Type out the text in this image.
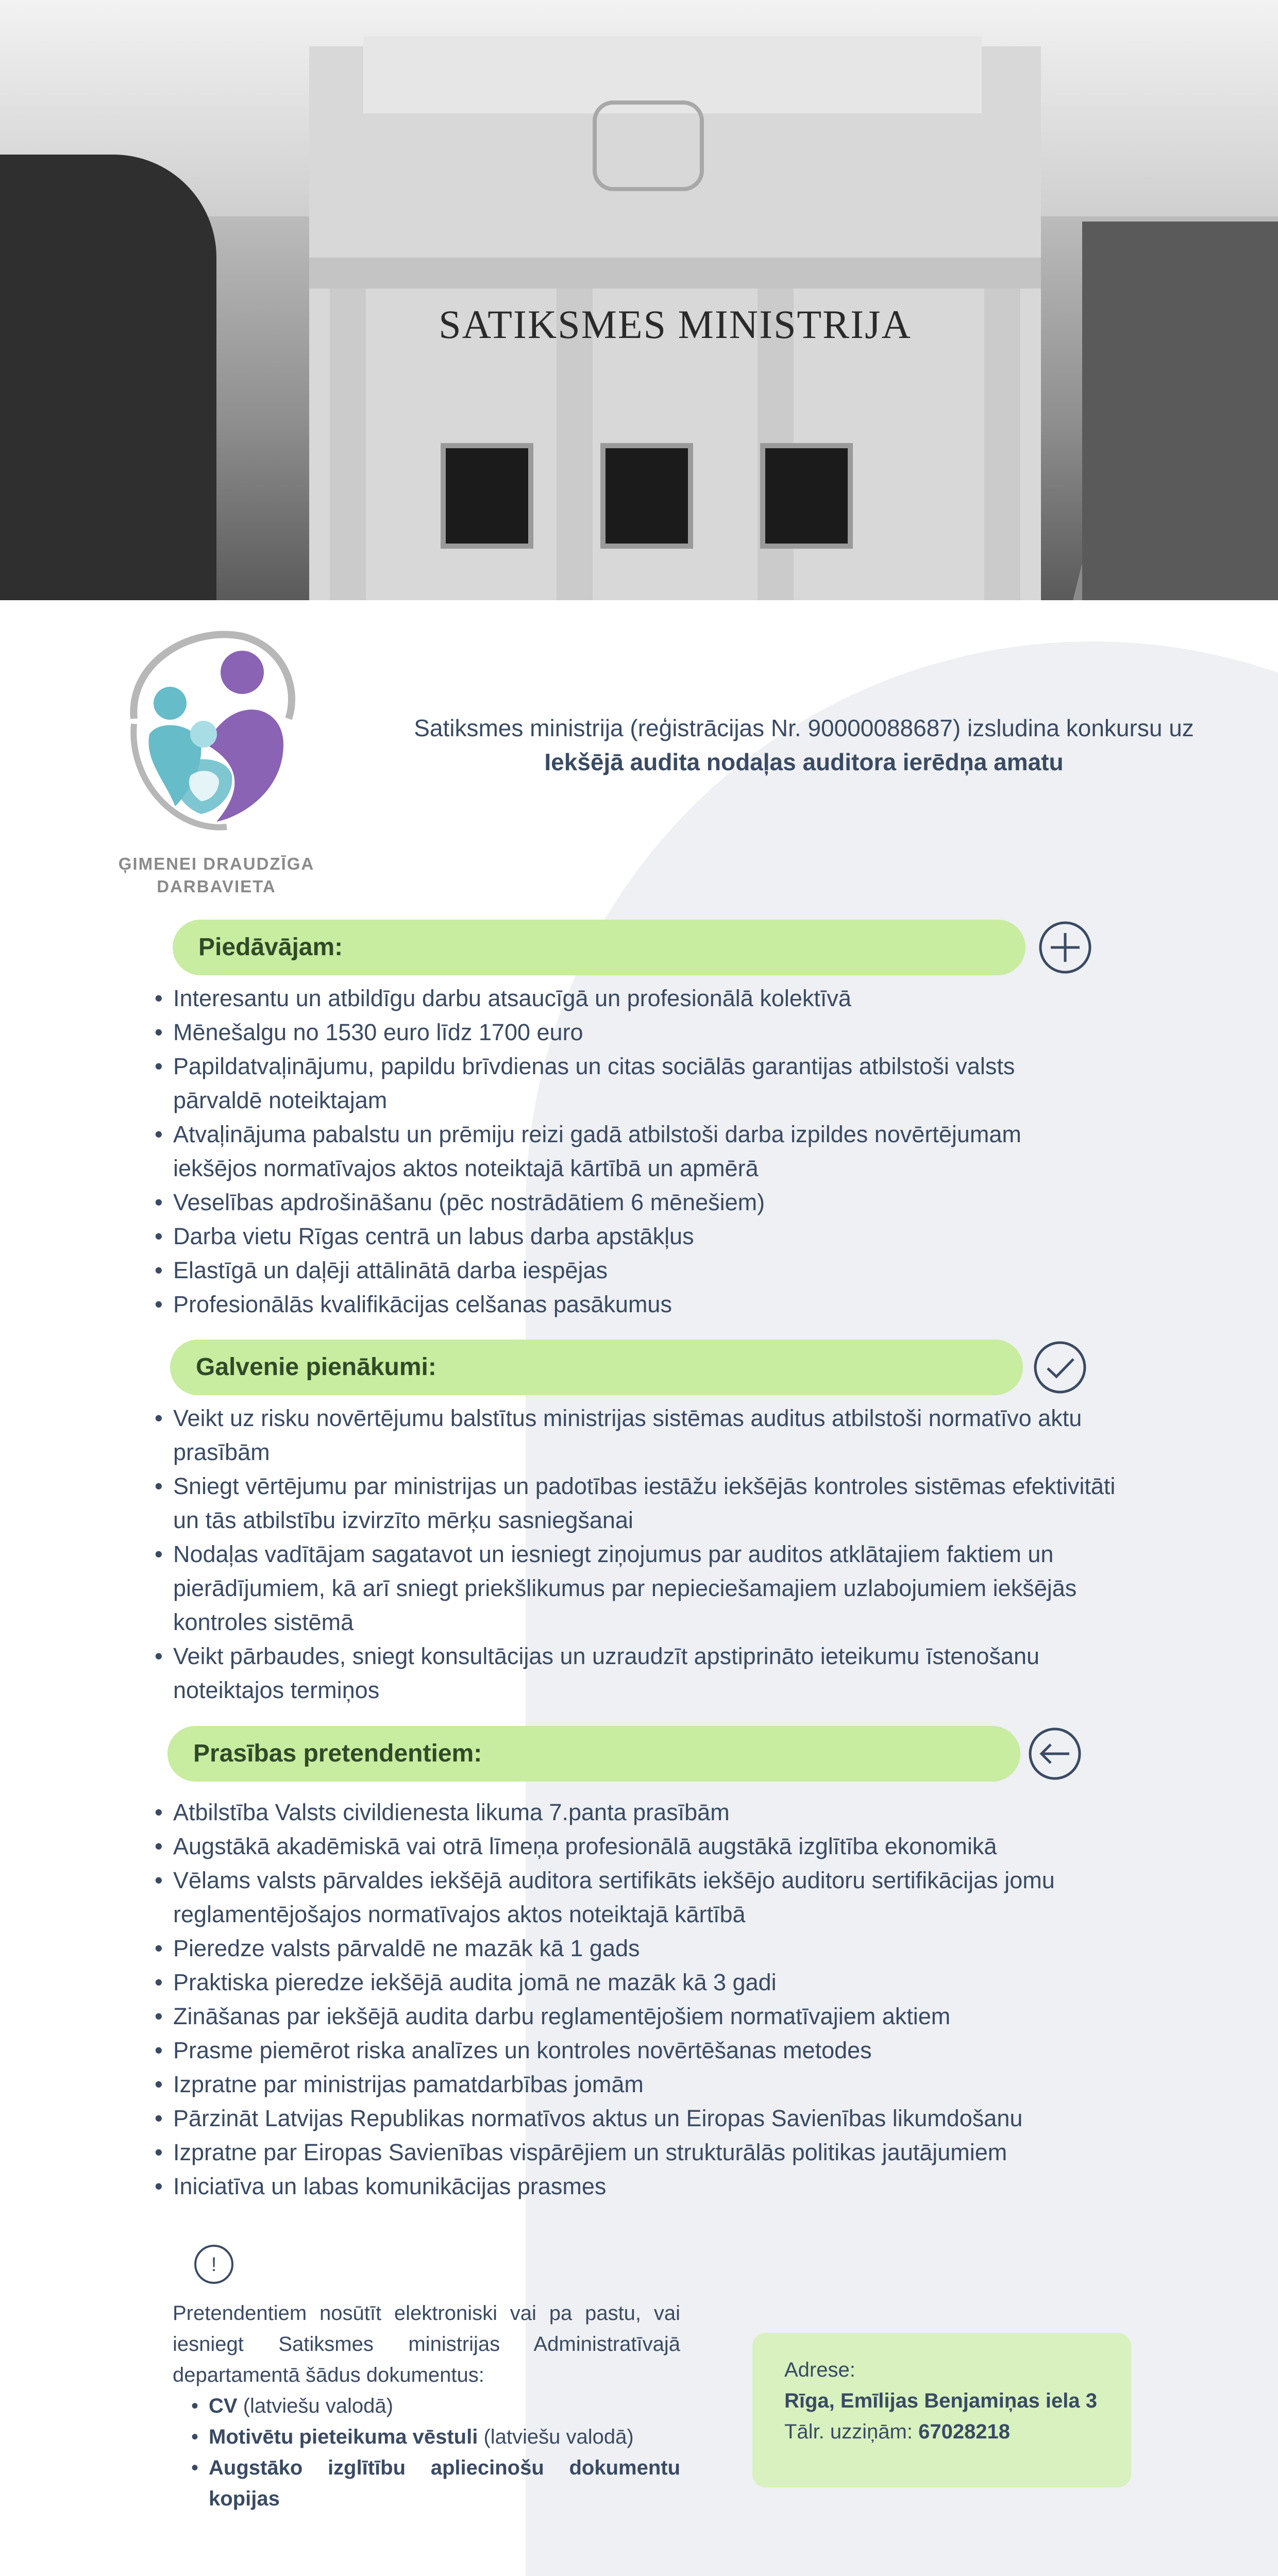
SATIKSMES MINISTRIJA
ĢIMENEI DRAUDZĪGA
DARBAVIETA
Satiksmes ministrija (reģistrācijas Nr. 90000088687) izsludina konkursu uz
Iekšējā audita nodaļas auditora ierēdņa amatu
Piedāvājam:
• Interesantu un atbildīgu darbu atsaucīgā un profesionālā kolektīvā
• Mēnešalgu no 1530 euro līdz 1700 euro
• Papildatvaļinājumu, papildu brīvdienas un citas sociālās garantijas atbilstoši valsts pārvaldē noteiktajam
• Atvaļinājuma pabalstu un prēmiju reizi gadā atbilstoši darba izpildes novērtējumam iekšējos normatīvajos aktos noteiktajā kārtībā un apmērā
• Veselības apdrošināšanu (pēc nostrādātiem 6 mēnešiem)
• Darba vietu Rīgas centrā un labus darba apstākļus
• Elastīgā un daļēji attālinātā darba iespējas
• Profesionālās kvalifikācijas celšanas pasākumus
Galvenie pienākumi:
• Veikt uz risku novērtējumu balstītus ministrijas sistēmas auditus atbilstoši normatīvo aktu prasībām
• Sniegt vērtējumu par ministrijas un padotības iestāžu iekšējās kontroles sistēmas efektivitāti un tās atbilstību izvirzīto mērķu sasniegšanai
• Nodaļas vadītājam sagatavot un iesniegt ziņojumus par auditos atklātajiem faktiem un pierādījumiem, kā arī sniegt priekšlikumus par nepieciešamajiem uzlabojumiem iekšējās kontroles sistēmā
• Veikt pārbaudes, sniegt konsultācijas un uzraudzīt apstiprināto ieteikumu īstenošanu noteiktajos termiņos
Prasības pretendentiem:
• Atbilstība Valsts civildienesta likuma 7.panta prasībām
• Augstākā akadēmiskā vai otrā līmeņa profesionālā augstākā izglītība ekonomikā
• Vēlams valsts pārvaldes iekšējā auditora sertifikāts iekšējo auditoru sertifikācijas jomu reglamentējošajos normatīvajos aktos noteiktajā kārtībā
• Pieredze valsts pārvaldē ne mazāk kā 1 gads
• Praktiska pieredze iekšējā audita jomā ne mazāk kā 3 gadi
• Zināšanas par iekšējā audita darbu reglamentējošiem normatīvajiem aktiem
• Prasme piemērot riska analīzes un kontroles novērtēšanas metodes
• Izpratne par ministrijas pamatdarbības jomām
• Pārzināt Latvijas Republikas normatīvos aktus un Eiropas Savienības likumdošanu
• Izpratne par Eiropas Savienības vispārējiem un strukturālās politikas jautājumiem
• Iniciatīva un labas komunikācijas prasmes
!
Pretendentiem nosūtīt elektroniski vai pa pastu, vai iesniegt Satiksmes ministrijas Administratīvajā departamentā šādus dokumentus:
• CV (latviešu valodā)
• Motivētu pieteikuma vēstuli (latviešu valodā)
• Augstāko izglītību apliecinošu dokumentu kopijas
Adrese:
Rīga, Emīlijas Benjamiņas iela 3
Tālr. uzziņām: 67028218
